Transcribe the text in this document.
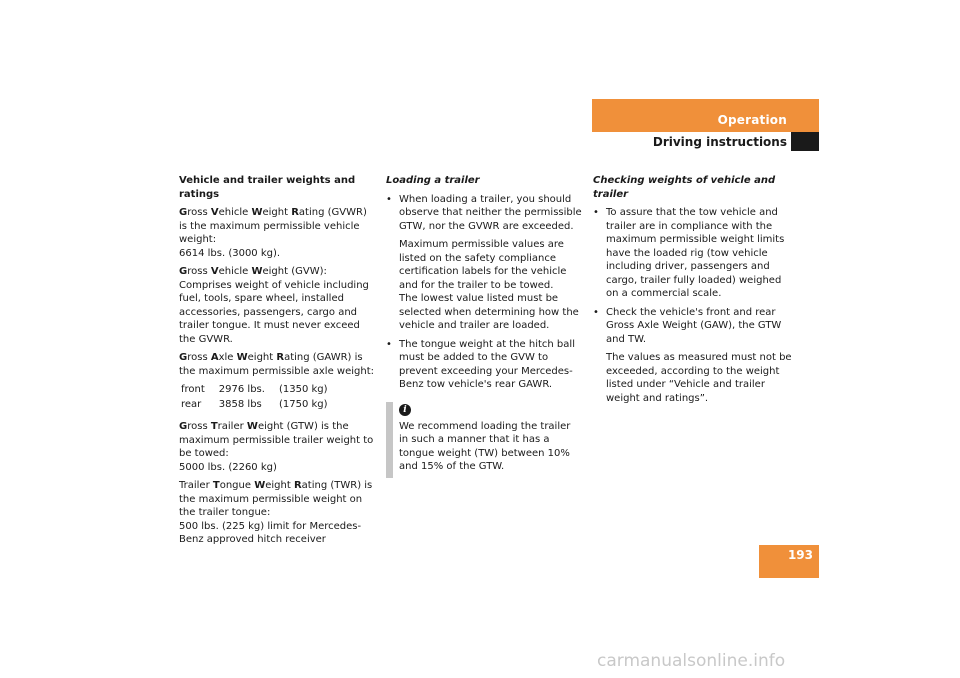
Operation
Driving instructions

Vehicle and trailer weights and ratings

Gross Vehicle Weight Rating (GVWR) is the maximum permissible vehicle weight:
6614 lbs. (3000 kg).

Gross Vehicle Weight (GVW):
Comprises weight of vehicle including fuel, tools, spare wheel, installed accessories, passengers, cargo and trailer tongue. It must never exceed the GVWR.

Gross Axle Weight Rating (GAWR) is the maximum permissible axle weight:

front	2976 lbs.	(1350 kg)
rear	3858 lbs	(1750 kg)

Gross Trailer Weight (GTW) is the maximum permissible trailer weight to be towed:
5000 lbs. (2260 kg)

Trailer Tongue Weight Rating (TWR) is the maximum permissible weight on the trailer tongue:
500 lbs. (225 kg) limit for Mercedes-Benz approved hitch receiver

Loading a trailer

• When loading a trailer, you should observe that neither the permissible GTW, nor the GVWR are exceeded.

Maximum permissible values are listed on the safety compliance certification labels for the vehicle and for the trailer to be towed.
The lowest value listed must be selected when determining how the vehicle and trailer are loaded.

• The tongue weight at the hitch ball must be added to the GVW to prevent exceeding your Mercedes-Benz tow vehicle's rear GAWR.
i
We recommend loading the trailer in such a manner that it has a tongue weight (TW) between 10% and 15% of the GTW.

Checking weights of vehicle and trailer

• To assure that the tow vehicle and trailer are in compliance with the maximum permissible weight limits have the loaded rig (tow vehicle including driver, passengers and cargo, trailer fully loaded) weighed on a commercial scale.
• Check the vehicle's front and rear Gross Axle Weight (GAW), the GTW and TW.

The values as measured must not be exceeded, according to the weight listed under “Vehicle and trailer weight and ratings”.

193
carmanualsonline.info
